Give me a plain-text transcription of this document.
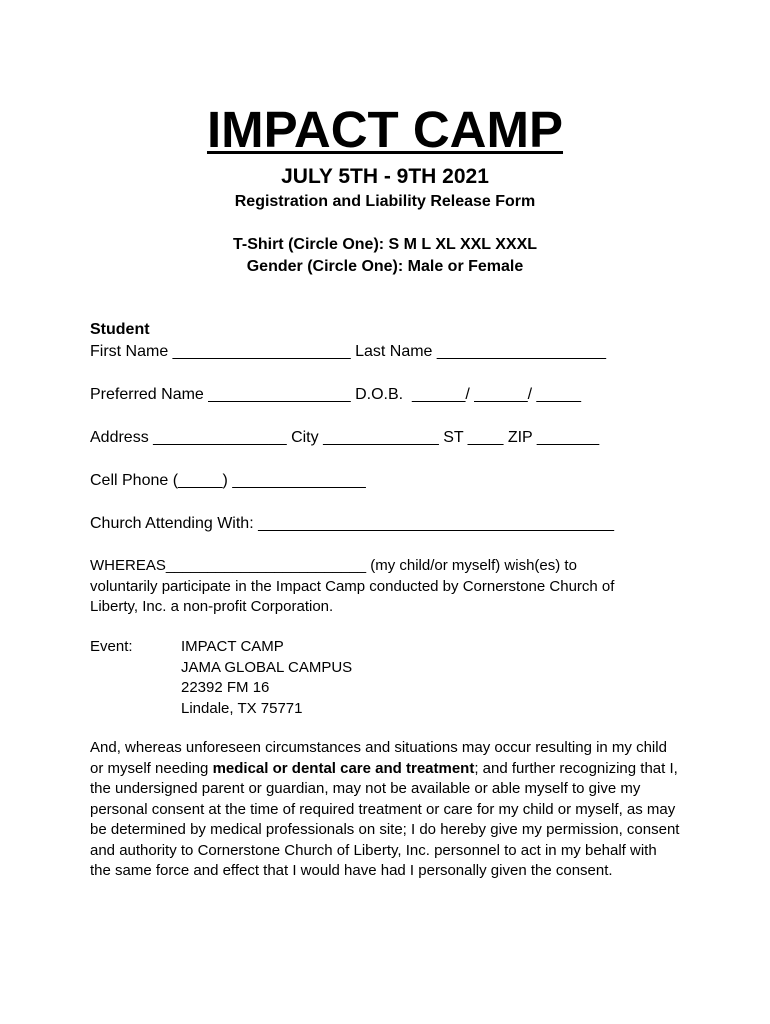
IMPACT CAMP
JULY 5TH - 9TH 2021
Registration and Liability Release Form
T-Shirt (Circle One): S M L XL XXL XXXL
Gender (Circle One): Male or Female
Student
First Name ____________________ Last Name ___________________
Preferred Name ________________ D.O.B.  ______/ ______/ _____
Address _______________ City _____________ ST ____ ZIP _______
Cell Phone (_____) _______________
Church Attending With: ________________________________________
WHEREAS________________________ (my child/or myself) wish(es) to
voluntarily participate in the Impact Camp conducted by Cornerstone Church of
Liberty, Inc. a non-profit Corporation.
Event:	IMPACT CAMP
JAMA GLOBAL CAMPUS
22392 FM 16
Lindale, TX 75771
And, whereas unforeseen circumstances and situations may occur resulting in my child or myself needing medical or dental care and treatment; and further recognizing that I, the undersigned parent or guardian, may not be available or able myself to give my personal consent at the time of required treatment or care for my child or myself, as may be determined by medical professionals on site; I do hereby give my permission, consent and authority to Cornerstone Church of Liberty, Inc. personnel to act in my behalf with the same force and effect that I would have had I personally given the consent.
